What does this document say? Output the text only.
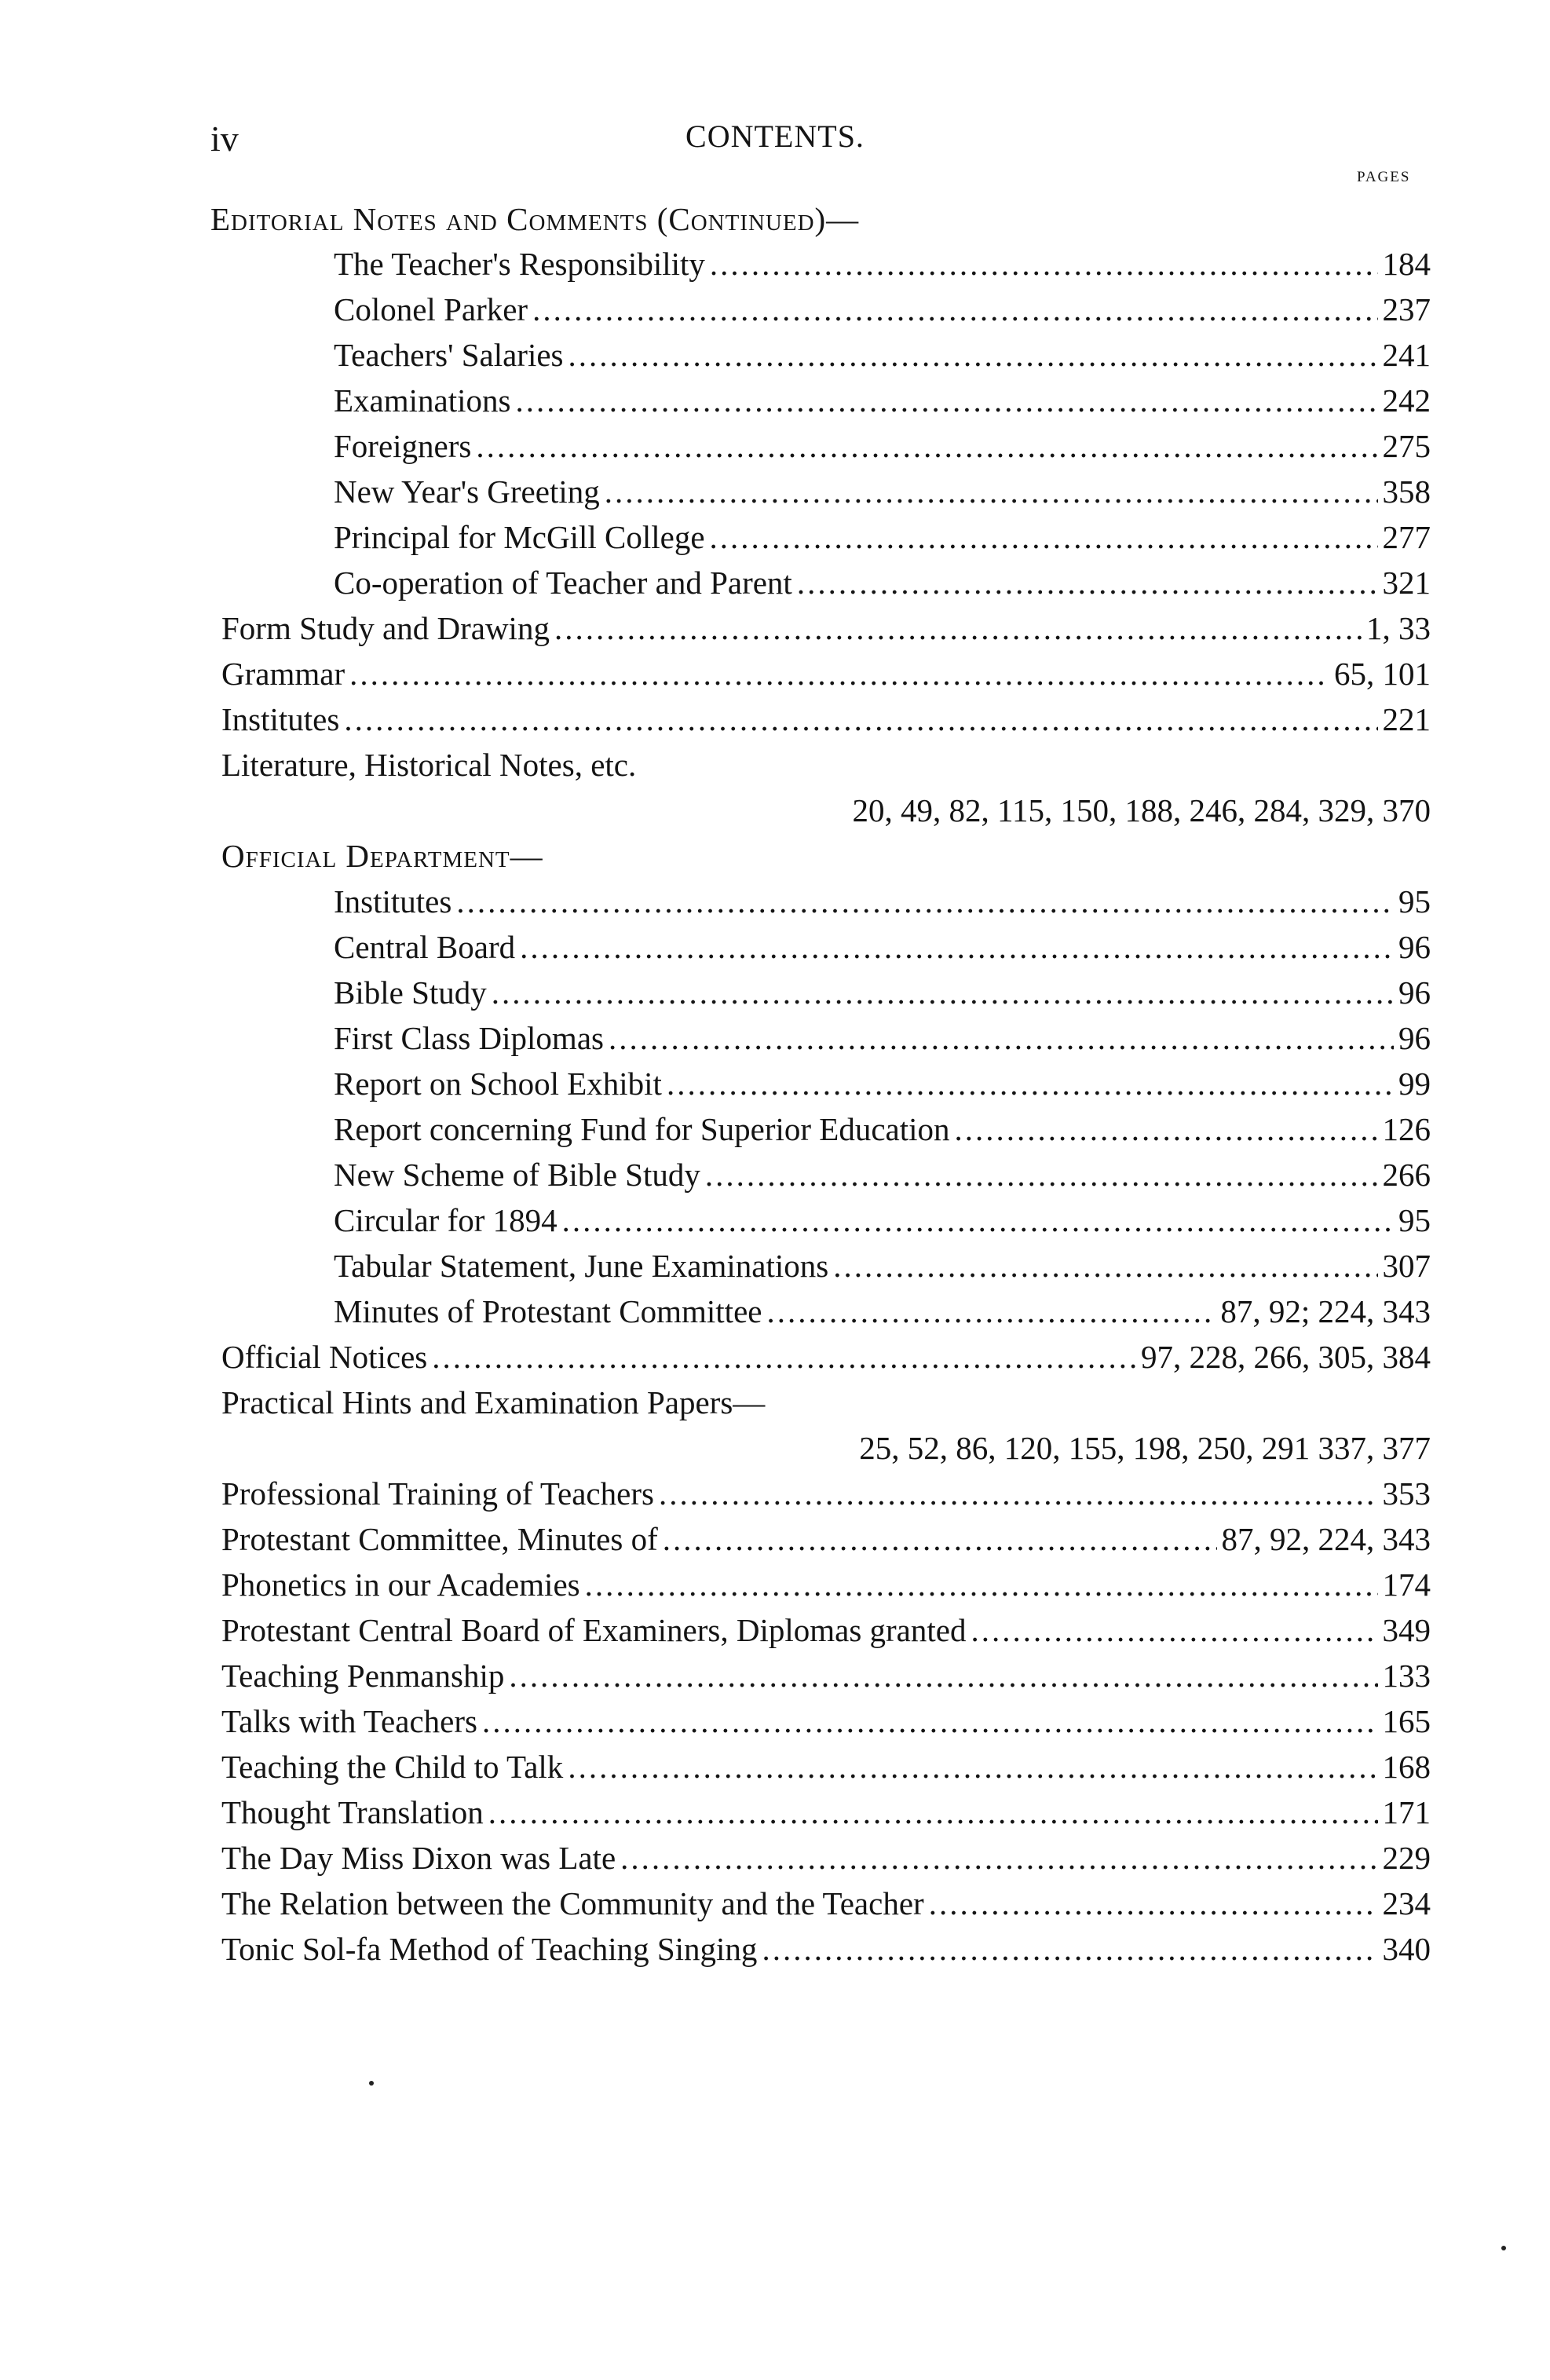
iv	CONTENTS.
PAGES
Editorial Notes and Comments (Continued)—
The Teacher's Responsibility .....	184
Colonel Parker .....	237
Teachers' Salaries .....	241
Examinations .....	242
Foreigners .....	275
New Year's Greeting .....	358
Principal for McGill College .....	277
Co-operation of Teacher and Parent .....	321
Form Study and Drawing .....	1, 33
Grammar .....	65, 101
Institutes .....	221
Literature, Historical Notes, etc.
20, 49, 82, 115, 150, 188, 246, 284, 329, 370
Official Department—
Institutes .....	95
Central Board .....	96
Bible Study .....	96
First Class Diplomas .....	96
Report on School Exhibit .....	99
Report concerning Fund for Superior Education .....	126
New Scheme of Bible Study .....	266
Circular for 1894 .....	95
Tabular Statement, June Examinations .....	307
Minutes of Protestant Committee .....	87, 92; 224, 343
Official Notices .....	97, 228, 266, 305, 384
Practical Hints and Examination Papers—
25, 52, 86, 120, 155, 198, 250, 291 337, 377
Professional Training of Teachers .....	353
Protestant Committee, Minutes of .....	87, 92, 224, 343
Phonetics in our Academies .....	174
Protestant Central Board of Examiners, Diplomas granted .....	349
Teaching Penmanship .....	133
Talks with Teachers .....	165
Teaching the Child to Talk .....	168
Thought Translation .....	171
The Day Miss Dixon was Late .....	229
The Relation between the Community and the Teacher .....	234
Tonic Sol-fa Method of Teaching Singing .....	340
